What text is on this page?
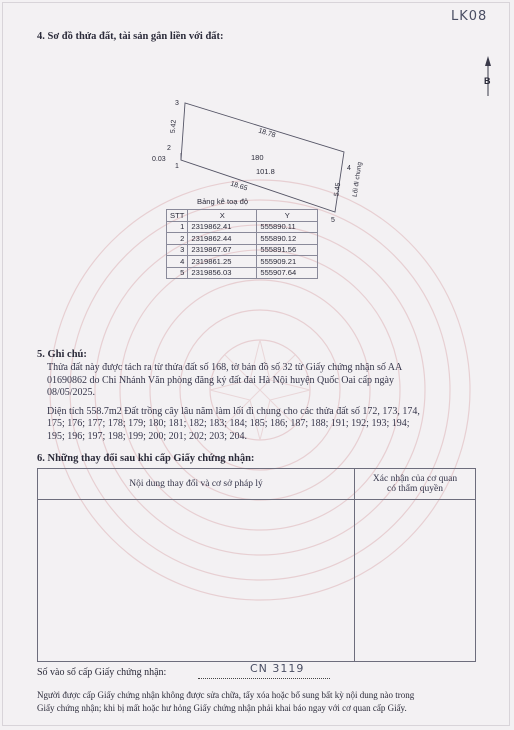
LK08
4. Sơ đồ thửa đất, tài sản gắn liền với đất:
B
3
2
1	4
5
18.78
5.42
18.65	5.45
0.03	180
101.8	Lối đi chung
Bảng kê toạ độ
STT	X	Y
1	2319862.41	555890.11
2	2319862.44	555890.12
3	2319867.67	555891.56
4	2319861.25	555909.21
5	2319856.03	555907.64
5. Ghi chú:
Thửa đất này được tách ra từ thửa đất số 168, tờ bản đồ số 32 từ Giấy chứng nhận số AA
01690862 do Chi Nhánh Văn phòng đăng ký đất đai Hà Nội huyện Quốc Oai cấp ngày
08/05/2025.
Diện tích 558.7m2 Đất trồng cây lâu năm làm lối đi chung cho các thửa đất số 172, 173, 174,
175; 176; 177; 178; 179; 180; 181; 182; 183; 184; 185; 186; 187; 188; 191; 192; 193; 194;
195; 196; 197; 198; 199; 200; 201; 202; 203; 204.
6. Những thay đổi sau khi cấp Giấy chứng nhận:
Nội dung thay đổi và cơ sở pháp lý	Xác nhận của cơ quan
có thẩm quyền

Số vào sổ cấp Giấy chứng nhận:	CN 3119
Người được cấp Giấy chứng nhận không được sửa chữa, tẩy xóa hoặc bổ sung bất kỳ nội dung nào trong
Giấy chứng nhận; khi bị mất hoặc hư hỏng Giấy chứng nhận phải khai báo ngay với cơ quan cấp Giấy.
